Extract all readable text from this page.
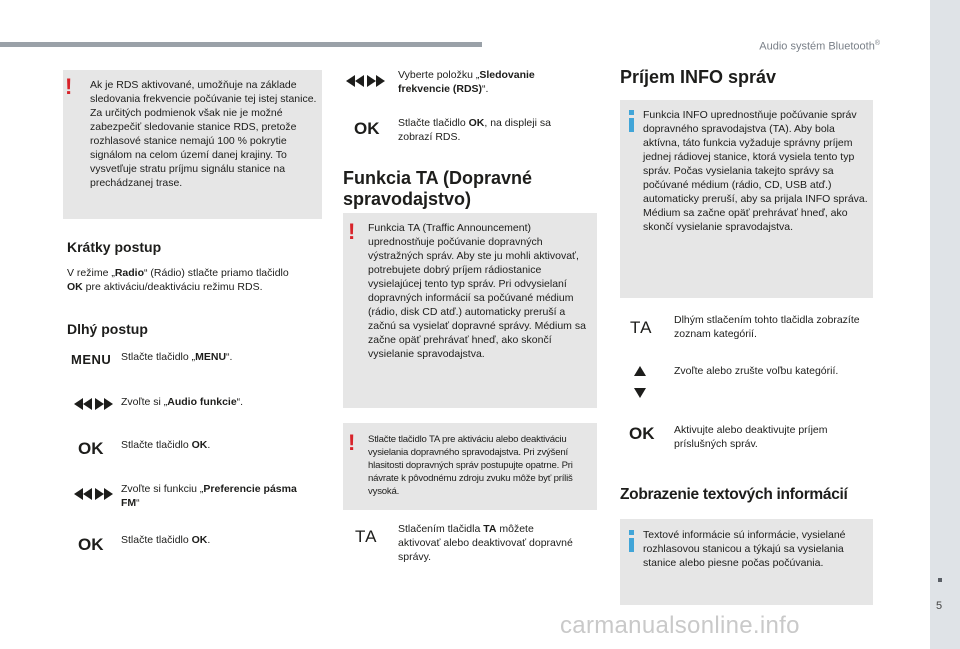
Audio systém Bluetooth®
5
! Ak je RDS aktivované, umožňuje na základe sledovania frekvencie počúvanie tej istej stanice. Za určitých podmienok však nie je možné zabezpečiť sledovanie stanice RDS, pretože rozhlasové stanice nemajú 100 % pokrytie signálom na celom území danej krajiny. To vysvetľuje stratu príjmu signálu stanice na prechádzanej trase.
Krátky postup
V režime „Radio“ (Rádio) stlačte priamo tlačidlo OK pre aktiváciu/deaktiváciu režimu RDS.
Dlhý postup
MENU Stlačte tlačidlo „MENU“.
Zvoľte si „Audio funkcie“.
OK Stlačte tlačidlo OK.
Zvoľte si funkciu „Preferencie pásma FM“
OK Stlačte tlačidlo OK.
Vyberte položku „Sledovanie frekvencie (RDS)“.
OK Stlačte tlačidlo OK, na displeji sa zobrazí RDS.
Funkcia TA (Dopravné spravodajstvo)
! Funkcia TA (Traffic Announcement) uprednostňuje počúvanie dopravných výstražných správ. Aby ste ju mohli aktivovať, potrebujete dobrý príjem rádiostanice vysielajúcej tento typ správ. Pri odvysielaní dopravných informácií sa počúvané médium (rádio, disk CD atď.) automaticky preruší a začnú sa vysielať dopravné správy. Médium sa začne opäť prehrávať hneď, ako skončí vysielanie spravodajstva.
! Stlačte tlačidlo TA pre aktiváciu alebo deaktiváciu vysielania dopravného spravodajstva. Pri zvýšení hlasitosti dopravných správ postupujte opatrne. Pri návrate k pôvodnému zdroju zvuku môže byť príliš vysoká.
TA Stlačením tlačidla TA môžete aktivovať alebo deaktivovať dopravné správy.
Príjem INFO správ
Funkcia INFO uprednostňuje počúvanie správ dopravného spravodajstva (TA). Aby bola aktívna, táto funkcia vyžaduje správny príjem jednej rádiovej stanice, ktorá vysiela tento typ správ. Počas vysielania takejto správy sa počúvané médium (rádio, CD, USB atď.) automaticky preruší, aby sa prijala INFO správa. Médium sa začne opäť prehrávať hneď, ako skončí vysielanie spravodajstva.
TA Dlhým stlačením tohto tlačidla zobrazíte zoznam kategórií.
Zvoľte alebo zrušte voľbu kategórií.
OK Aktivujte alebo deaktivujte príjem príslušných správ.
Zobrazenie textových informácií
Textové informácie sú informácie, vysielané rozhlasovou stanicou a týkajú sa vysielania stanice alebo piesne počas počúvania.
carmanualsonline.info
